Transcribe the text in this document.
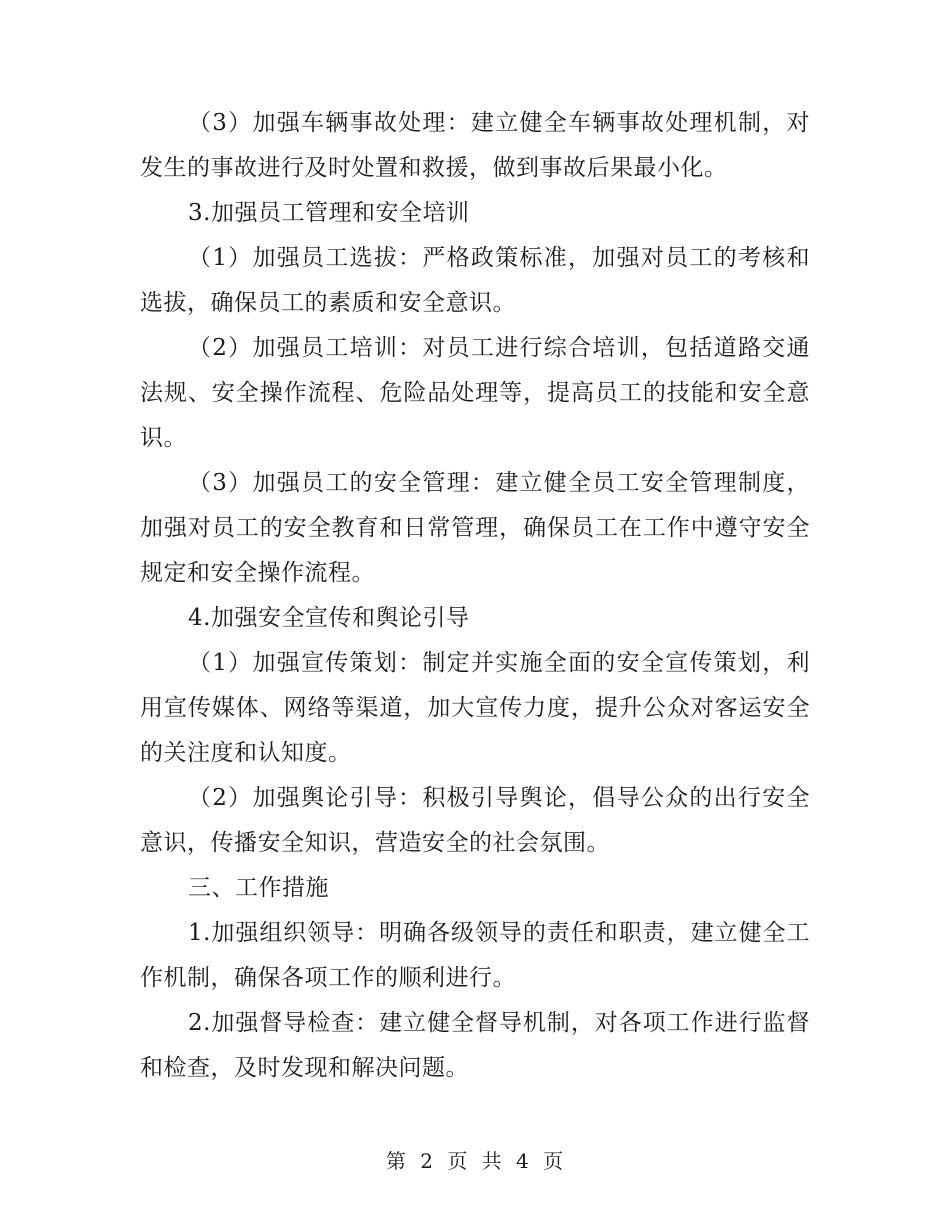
（3）加强车辆事故处理：建立健全车辆事故处理机制，对发生的事故进行及时处置和救援，做到事故后果最小化。

3.加强员工管理和安全培训

（1）加强员工选拔：严格政策标准，加强对员工的考核和选拔，确保员工的素质和安全意识。

（2）加强员工培训：对员工进行综合培训，包括道路交通法规、安全操作流程、危险品处理等，提高员工的技能和安全意识。

（3）加强员工的安全管理：建立健全员工安全管理制度，加强对员工的安全教育和日常管理，确保员工在工作中遵守安全规定和安全操作流程。

4.加强安全宣传和舆论引导

（1）加强宣传策划：制定并实施全面的安全宣传策划，利用宣传媒体、网络等渠道，加大宣传力度，提升公众对客运安全的关注度和认知度。

（2）加强舆论引导：积极引导舆论，倡导公众的出行安全意识，传播安全知识，营造安全的社会氛围。

三、工作措施

1.加强组织领导：明确各级领导的责任和职责，建立健全工作机制，确保各项工作的顺利进行。

2.加强督导检查：建立健全督导机制，对各项工作进行监督和检查，及时发现和解决问题。

第 2 页 共 4 页
